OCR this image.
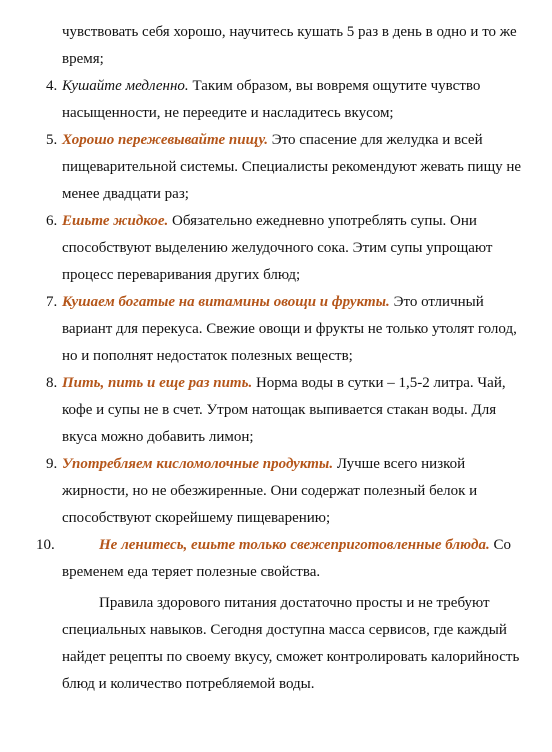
чувствовать себя хорошо, научитесь кушать 5 раз в день в одно и то же время;

4. Кушайте медленно. Таким образом, вы вовремя ощутите чувство насыщенности, не переедите и насладитесь вкусом;
5. Хорошо пережевывайте пищу. Это спасение для желудка и всей пищеварительной системы. Специалисты рекомендуют жевать пищу не менее двадцати раз;
6. Ешьте жидкое. Обязательно ежедневно употреблять супы. Они способствуют выделению желудочного сока. Этим супы упрощают процесс переваривания других блюд;
7. Кушаем богатые на витамины овощи и фрукты. Это отличный вариант для перекуса. Свежие овощи и фрукты не только утолят голод, но и пополнят недостаток полезных веществ;
8. Пить, пить и еще раз пить. Норма воды в сутки – 1,5-2 литра. Чай, кофе и супы не в счет. Утром натощак выпивается стакан воды. Для вкуса можно добавить лимон;
9. Употребляем кисломолочные продукты. Лучше всего низкой жирности, но не обезжиренные. Они содержат полезный белок и способствуют скорейшему пищеварению;
10.	Не ленитесь, ешьте только свежеприготовленные блюда. Со временем еда теряет полезные свойства.

Правила здорового питания достаточно просты и не требуют специальных навыков. Сегодня доступна масса сервисов, где каждый найдет рецепты по своему вкусу, сможет контролировать калорийность блюд и количество потребляемой воды.
